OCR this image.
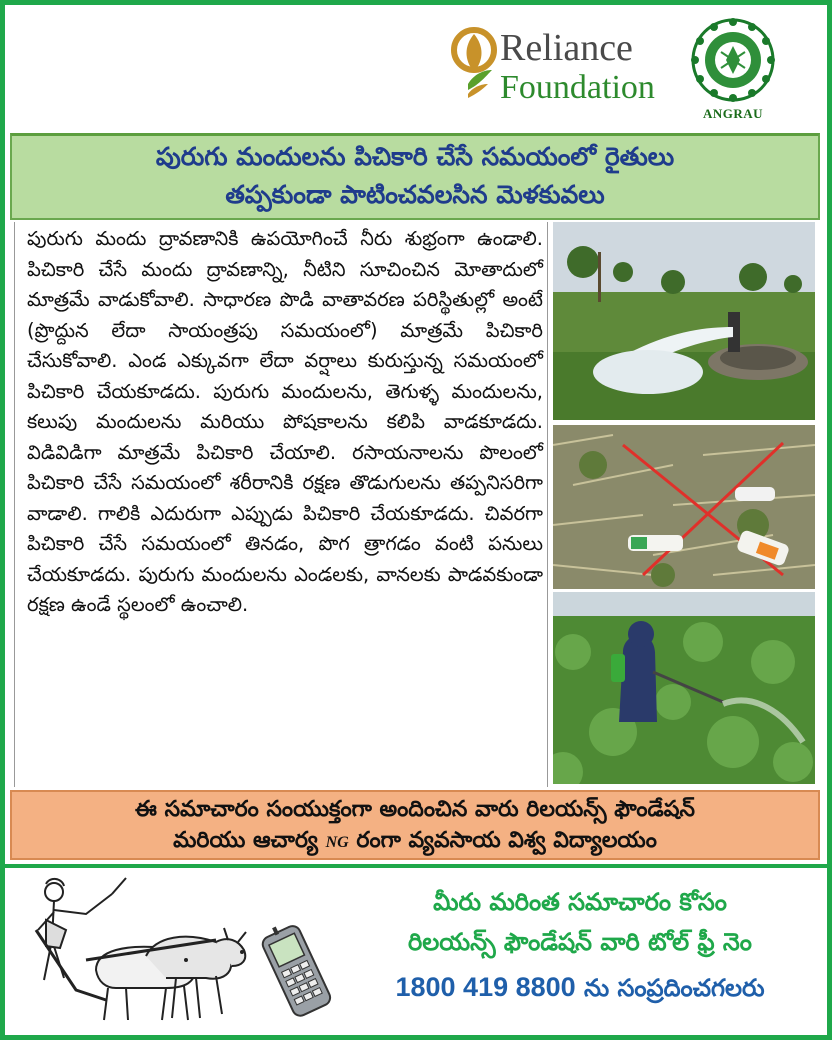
Reliance
Foundation
ANGRAU
పురుగు మందులను పిచికారి చేసే సమయంలో రైతులు
తప్పకుండా పాటించవలసిన మెళకువలు
పురుగు మందు ద్రావణానికి ఉపయోగించే నీరు శుభ్రంగా ఉండాలి. పిచికారి చేసే మందు ద్రావణాన్ని, నీటిని సూచించిన మోతాదులో మాత్రమే వాడుకోవాలి. సాధారణ పొడి వాతావరణ పరిస్థితుల్లో అంటే (ప్రొద్దున లేదా సాయంత్రపు సమయంలో) మాత్రమే పిచికారి చేసుకోవాలి. ఎండ ఎక్కువగా లేదా వర్షాలు కురుస్తున్న సమయంలో పిచికారి చేయకూడదు. పురుగు మందులను, తెగుళ్ళ మందులను, కలుపు మందులను మరియు పోషకాలను కలిపి వాడకూడదు. విడివిడిగా మాత్రమే పిచికారి చేయాలి. రసాయనాలను పొలంలో పిచికారి చేసే సమయంలో శరీరానికి రక్షణ తొడుగులను తప్పనిసరిగా వాడాలి. గాలికి ఎదురుగా ఎప్పుడు పిచికారి చేయకూడదు. చివరగా పిచికారి చేసే సమయంలో తినడం, పొగ త్రాగడం వంటి పనులు చేయకూడదు. పురుగు మందులను ఎండలకు, వానలకు పాడవకుండా రక్షణ ఉండే స్థలంలో ఉంచాలి.
ఈ సమాచారం సంయుక్తంగా అందించిన వారు రిలయన్స్ ఫౌండేషన్
మరియు ఆచార్య NG రంగా వ్యవసాయ విశ్వ విద్యాలయం
మీరు మరింత సమాచారం కోసం
రిలయన్స్ ఫౌండేషన్ వారి టోల్ ఫ్రీ నెం
1800 419 8800 ను సంప్రదించగలరు
